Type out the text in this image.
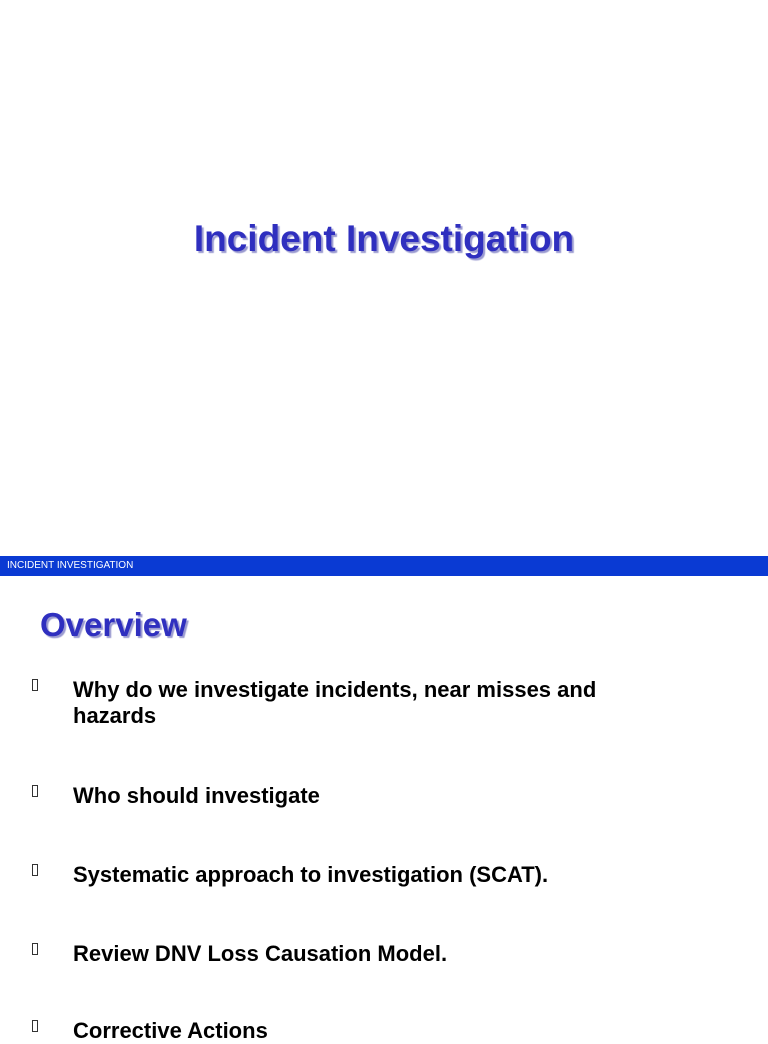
Incident Investigation
INCIDENT INVESTIGATION
Overview
Why do we investigate incidents, near misses and hazards
Who should investigate
Systematic approach to investigation (SCAT).
Review DNV Loss Causation Model.
Corrective Actions
